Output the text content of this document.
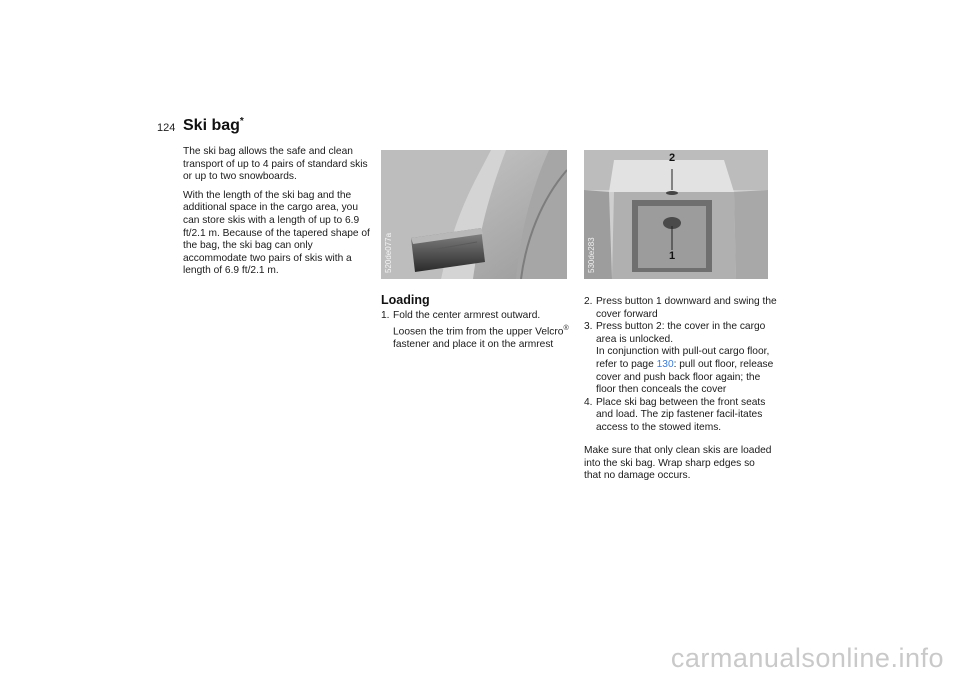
124 Ski bag*

The ski bag allows the safe and clean transport of up to 4 pairs of standard skis or up to two snowboards.

With the length of the ski bag and the additional space in the cargo area, you can store skis with a length of up to 6.9 ft/2.1 m. Because of the tapered shape of the bag, the ski bag can only accommodate two pairs of skis with a length of 6.9 ft/2.1 m.	520de077a	530de283
2
1
Loading
1. Fold the center armrest outward. Loosen the trim from the upper Velcro® fastener and place it on the armrest
2. Press button 1 downward and swing the cover forward
3. Press button 2: the cover in the cargo area is unlocked.
In conjunction with pull-out cargo floor, refer to page 130: pull out floor, release cover and push back floor again; the floor then conceals the cover
4. Place ski bag between the front seats and load. The zip fastener facil-itates access to the stowed items.

Make sure that only clean skis are loaded into the ski bag. Wrap sharp edges so that no damage occurs.

carmanualsonline.info
